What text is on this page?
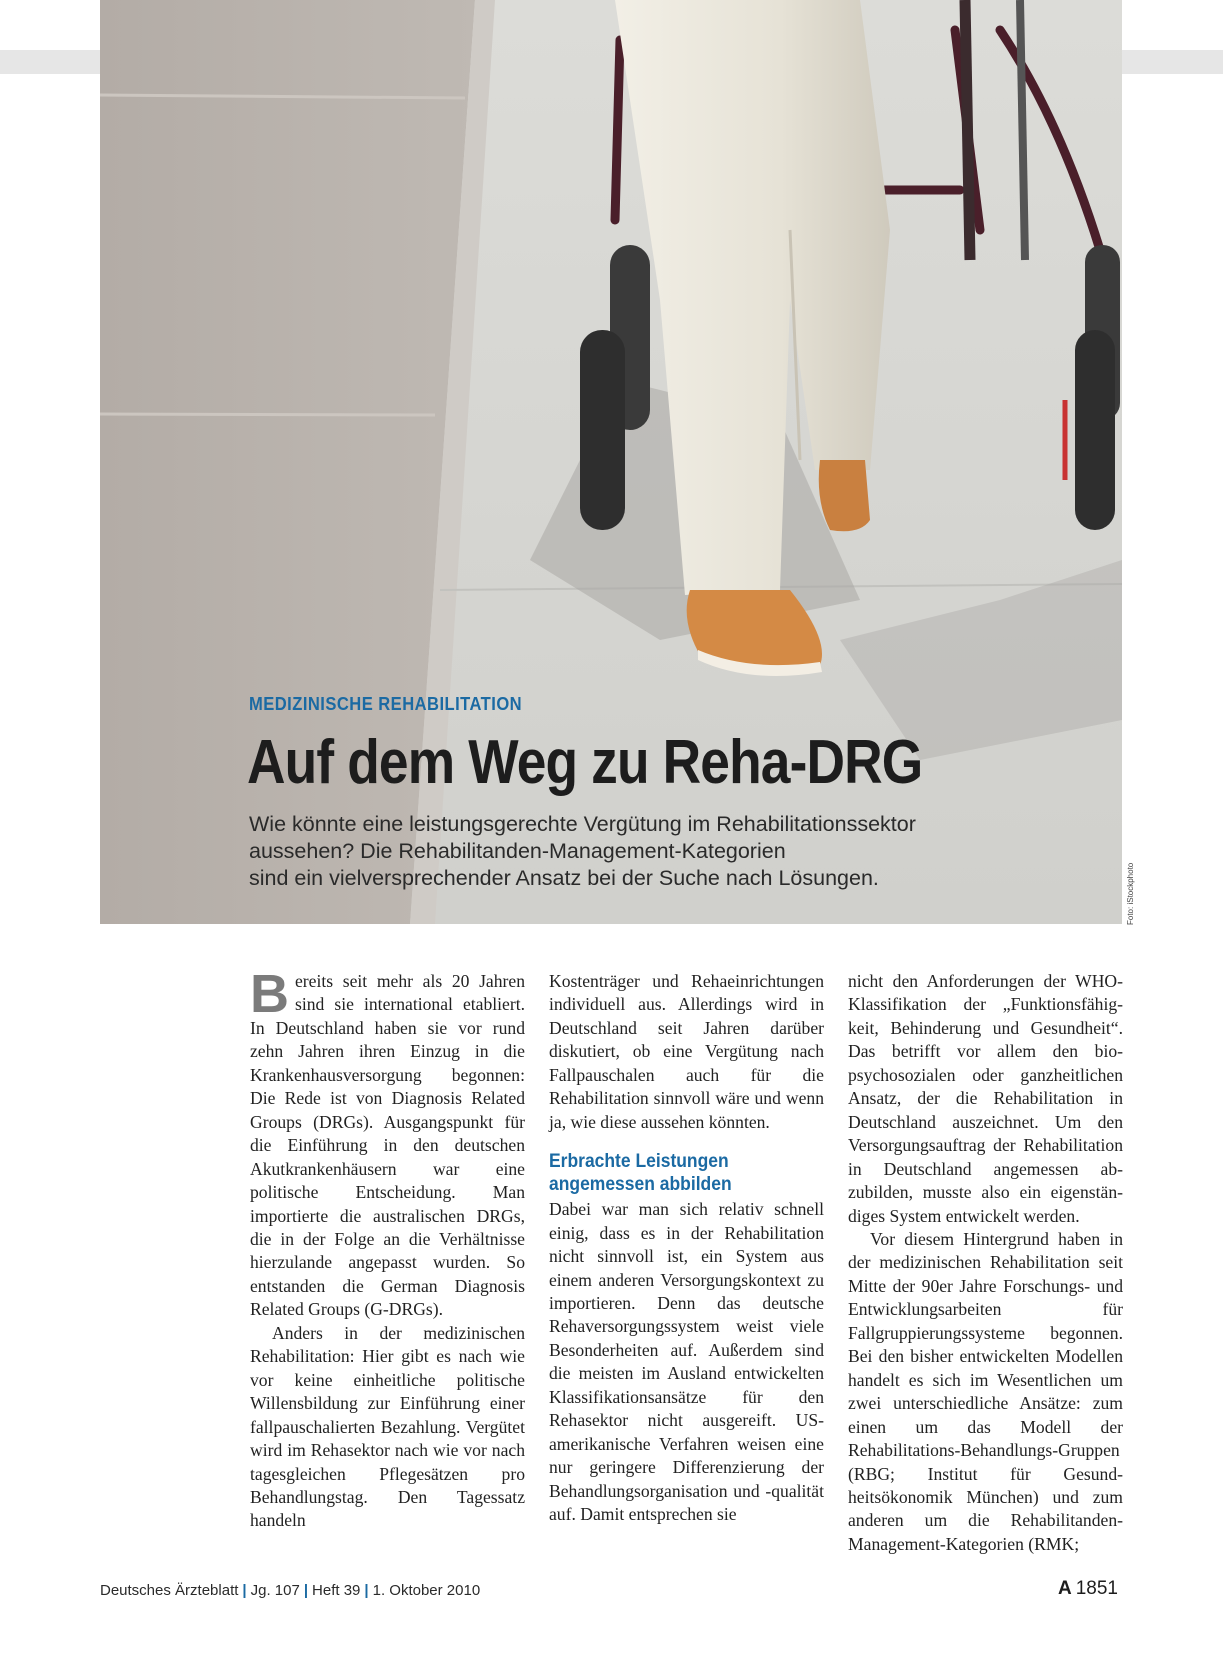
MEDIZINISCHE REHABILITATION
Auf dem Weg zu Reha-DRG
Wie könnte eine leistungsgerechte Vergütung im Rehabilitationssektor
aussehen? Die Rehabilitanden-Management-Kategorien
sind ein vielversprechender Ansatz bei der Suche nach Lösungen.	Foto: iStockphoto

Bereits seit mehr als 20 Jahren sind sie international etabliert. In Deutschland haben sie vor rund zehn Jahren ihren Einzug in die Krankenhausversorgung begonnen: Die Rede ist von Diagnosis Related Groups (DRGs). Ausgangspunkt für die Einführung in den deutschen Akutkrankenhäusern war eine politische Entscheidung. Man importierte die australischen DRGs, die in der Folge an die Verhältnisse hierzulande angepasst wurden. So entstanden die German Diagnosis Related Groups (G-DRGs).

Anders in der medizinischen Rehabilitation: Hier gibt es nach wie vor keine einheitliche politische Willensbildung zur Einführung einer fallpauschalierten Bezahlung. Vergütet wird im Rehasektor nach wie vor nach tagesgleichen Pflegesätzen pro Behandlungstag. Den Tagessatz handeln

Kostenträger und Rehaeinrichtungen individuell aus. Allerdings wird in Deutschland seit Jahren darüber diskutiert, ob eine Vergütung nach Fallpauschalen auch für die Rehabilitation sinnvoll wäre und wenn ja, wie diese aussehen könnten.

Erbrachte Leistungen
angemessen abbilden

Dabei war man sich relativ schnell einig, dass es in der Rehabilitation nicht sinnvoll ist, ein System aus einem anderen Versorgungskontext zu importieren. Denn das deutsche Rehaversorgungssystem weist viele Besonderheiten auf. Außerdem sind die meisten im Ausland entwickelten Klassifikationsansätze für den Rehasektor nicht ausgereift. US-amerikanische Verfahren weisen eine nur geringere Differenzierung der Behandlungsorganisation und -qualität auf. Damit entsprechen sie

nicht den Anforderungen der WHO-Klassifikation der „Funktionsfähigkeit, Behinderung und Gesundheit“. Das betrifft vor allem den biopsychosozialen oder ganzheitlichen Ansatz, der die Rehabilitation in Deutschland auszeichnet. Um den Versorgungsauftrag der Rehabilitation in Deutschland angemessen abzubilden, musste also ein eigenständiges System entwickelt werden.

Vor diesem Hintergrund haben in der medizinischen Rehabilitation seit Mitte der 90er Jahre Forschungs- und Entwicklungsarbeiten für Fallgruppierungssysteme begonnen. Bei den bisher entwickelten Modellen handelt es sich im Wesentlichen um zwei unterschiedliche Ansätze: zum einen um das Modell der Rehabilitations-Behandlungs-Gruppen (RBG; Institut für Gesundheitsökonomik München) und zum anderen um die Rehabilitanden-Management-Kategorien (RMK;

Deutsches Ärzteblatt | Jg. 107 | Heft 39 | 1. Oktober 2010	A 1851
